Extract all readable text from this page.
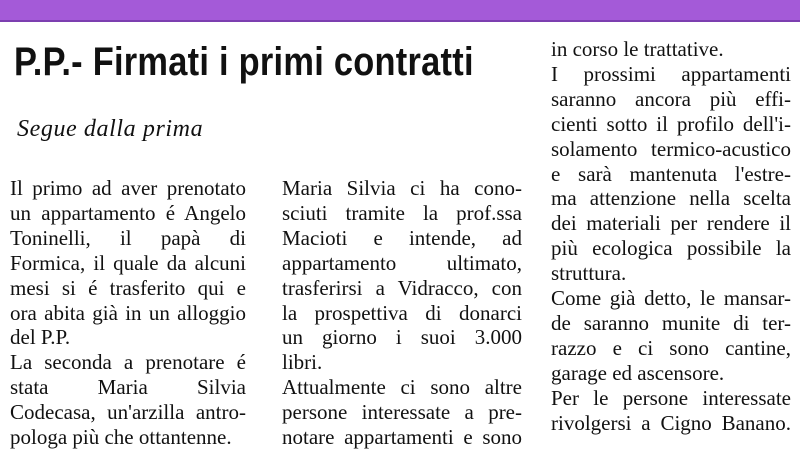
P.P.- Firmati i primi contratti
Segue dalla prima

Il primo ad aver prenotato

un appartamento é Angelo

Toninelli, il papà di

Formica, il quale da alcuni

mesi si é trasferito qui e

ora abita già in un alloggio

del P.P.

La seconda a prenotare é

stata Maria Silvia

Codecasa, un'arzilla antro-

pologa più che ottantenne.

Maria Silvia ci ha cono-

sciuti tramite la prof.ssa

Macioti e intende, ad

appartamento ultimato,

trasferirsi a Vidracco, con

la prospettiva di donarci

un giorno i suoi 3.000

libri.

Attualmente ci sono altre

persone interessate a pre-

notare appartamenti e sono

in corso le trattative.

I prossimi appartamenti

saranno ancora più effi-

cienti sotto il profilo dell'i-

solamento termico-acustico

e sarà mantenuta l'estre-

ma attenzione nella scelta

dei materiali per rendere il

più ecologica possibile la

struttura.

Come già detto, le mansar-

de saranno munite di ter-

razzo e ci sono cantine,

garage ed ascensore.

Per le persone interessate

rivolgersi a Cigno Banano.
